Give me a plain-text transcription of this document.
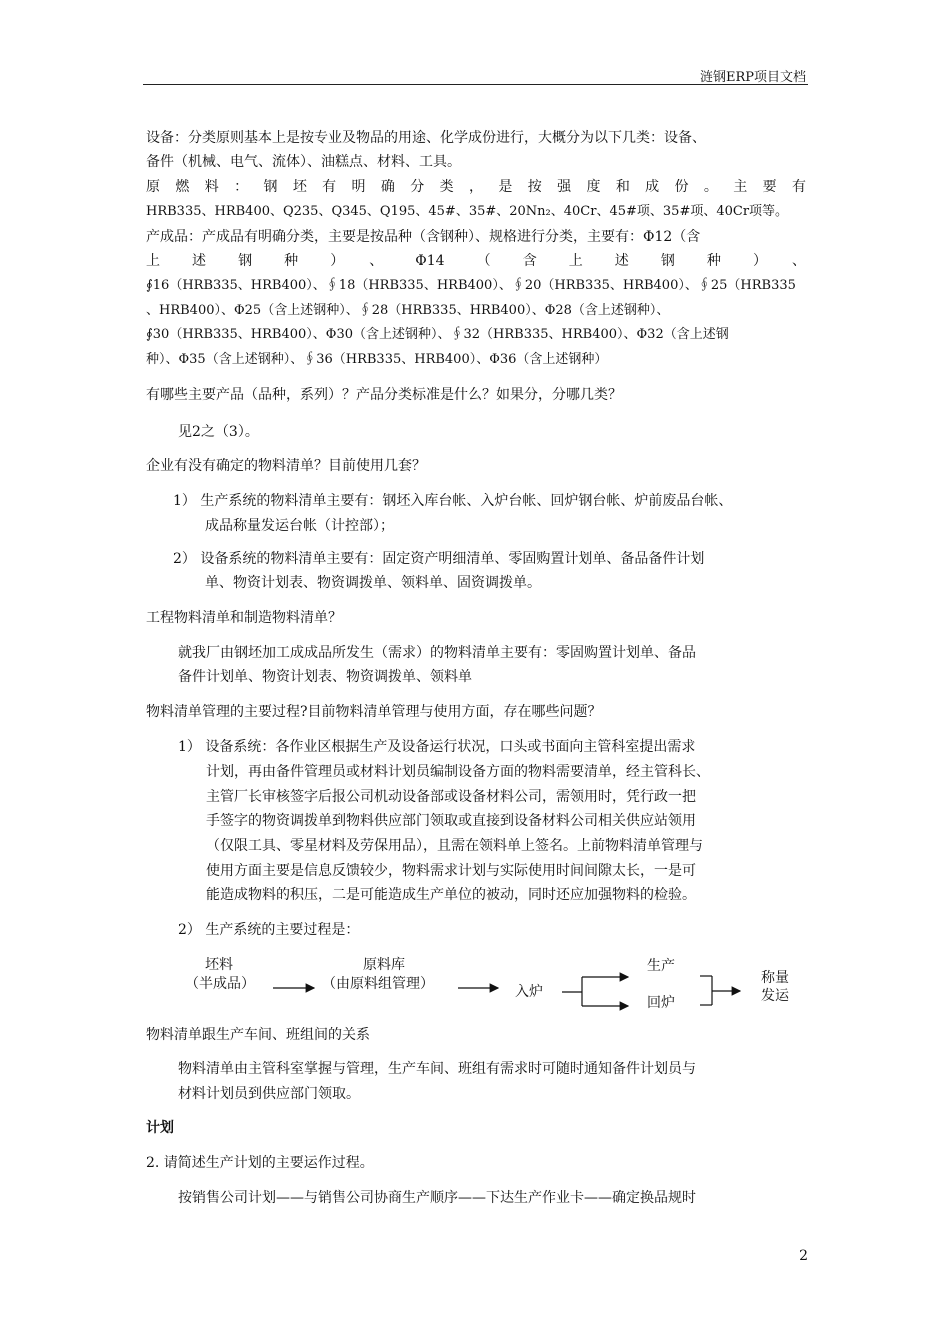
涟钢ERP项目文档
设备：分类原则基本上是按专业及物品的用途、化学成份进行，大概分为以下几类：设备、
备件（机械、电气、流体）、油糕点、材料、工具。
原燃料：钢坯有明确分类，是按强度和成份。主要有
HRB335、HRB400、Q235、Q345、Q195、45#、35#、20Nn₂、40Cr、45#项、35#项、40Cr项等。
产成品：产成品有明确分类，主要是按品种（含钢种）、规格进行分类，主要有：Φ12（含
上述钢种）、Φ14（含上述钢种）、
∮16（HRB335、HRB400）、∮18（HRB335、HRB400）、∮20（HRB335、HRB400）、∮25（HRB335
、HRB400）、Φ25（含上述钢种）、∮28（HRB335、HRB400）、Φ28（含上述钢种）、
∮30（HRB335、HRB400）、Φ30（含上述钢种）、∮32（HRB335、HRB400）、Φ32（含上述钢
种）、Φ35（含上述钢种）、∮36（HRB335、HRB400）、Φ36（含上述钢种）
有哪些主要产品（品种，系列）？产品分类标准是什么？如果分，分哪几类？
见2之（3）。
企业有没有确定的物料清单？目前使用几套？
1） 生产系统的物料清单主要有：钢坯入库台帐、入炉台帐、回炉钢台帐、炉前废品台帐、
成品称量发运台帐（计控部）；
2） 设备系统的物料清单主要有：固定资产明细清单、零固购置计划单、备品备件计划
单、物资计划表、物资调拨单、领料单、固资调拨单。
工程物料清单和制造物料清单？
就我厂由钢坯加工成成品所发生（需求）的物料清单主要有：零固购置计划单、备品
备件计划单、物资计划表、物资调拨单、领料单
物料清单管理的主要过程?目前物料清单管理与使用方面，存在哪些问题？
1） 设备系统：各作业区根据生产及设备运行状况，口头或书面向主管科室提出需求
计划，再由备件管理员或材料计划员编制设备方面的物料需要清单，经主管科长、
主管厂长审核签字后报公司机动设备部或设备材料公司，需领用时，凭行政一把
手签字的物资调拨单到物料供应部门领取或直接到设备材料公司相关供应站领用
（仅限工具、零星材料及劳保用品），且需在领料单上签名。上前物料清单管理与
使用方面主要是信息反馈较少，物料需求计划与实际使用时间间隙太长，一是可
能造成物料的积压，二是可能造成生产单位的被动，同时还应加强物料的检验。
2） 生产系统的主要过程是：
坯料
（半成品）
原料库
（由原料组管理）	入炉
生产
回炉
称量
发运
物料清单跟生产车间、班组间的关系
物料清单由主管科室掌握与管理，生产车间、班组有需求时可随时通知备件计划员与
材料计划员到供应部门领取。
计划
2. 请简述生产计划的主要运作过程。
按销售公司计划——与销售公司协商生产顺序——下达生产作业卡——确定换品规时
2
